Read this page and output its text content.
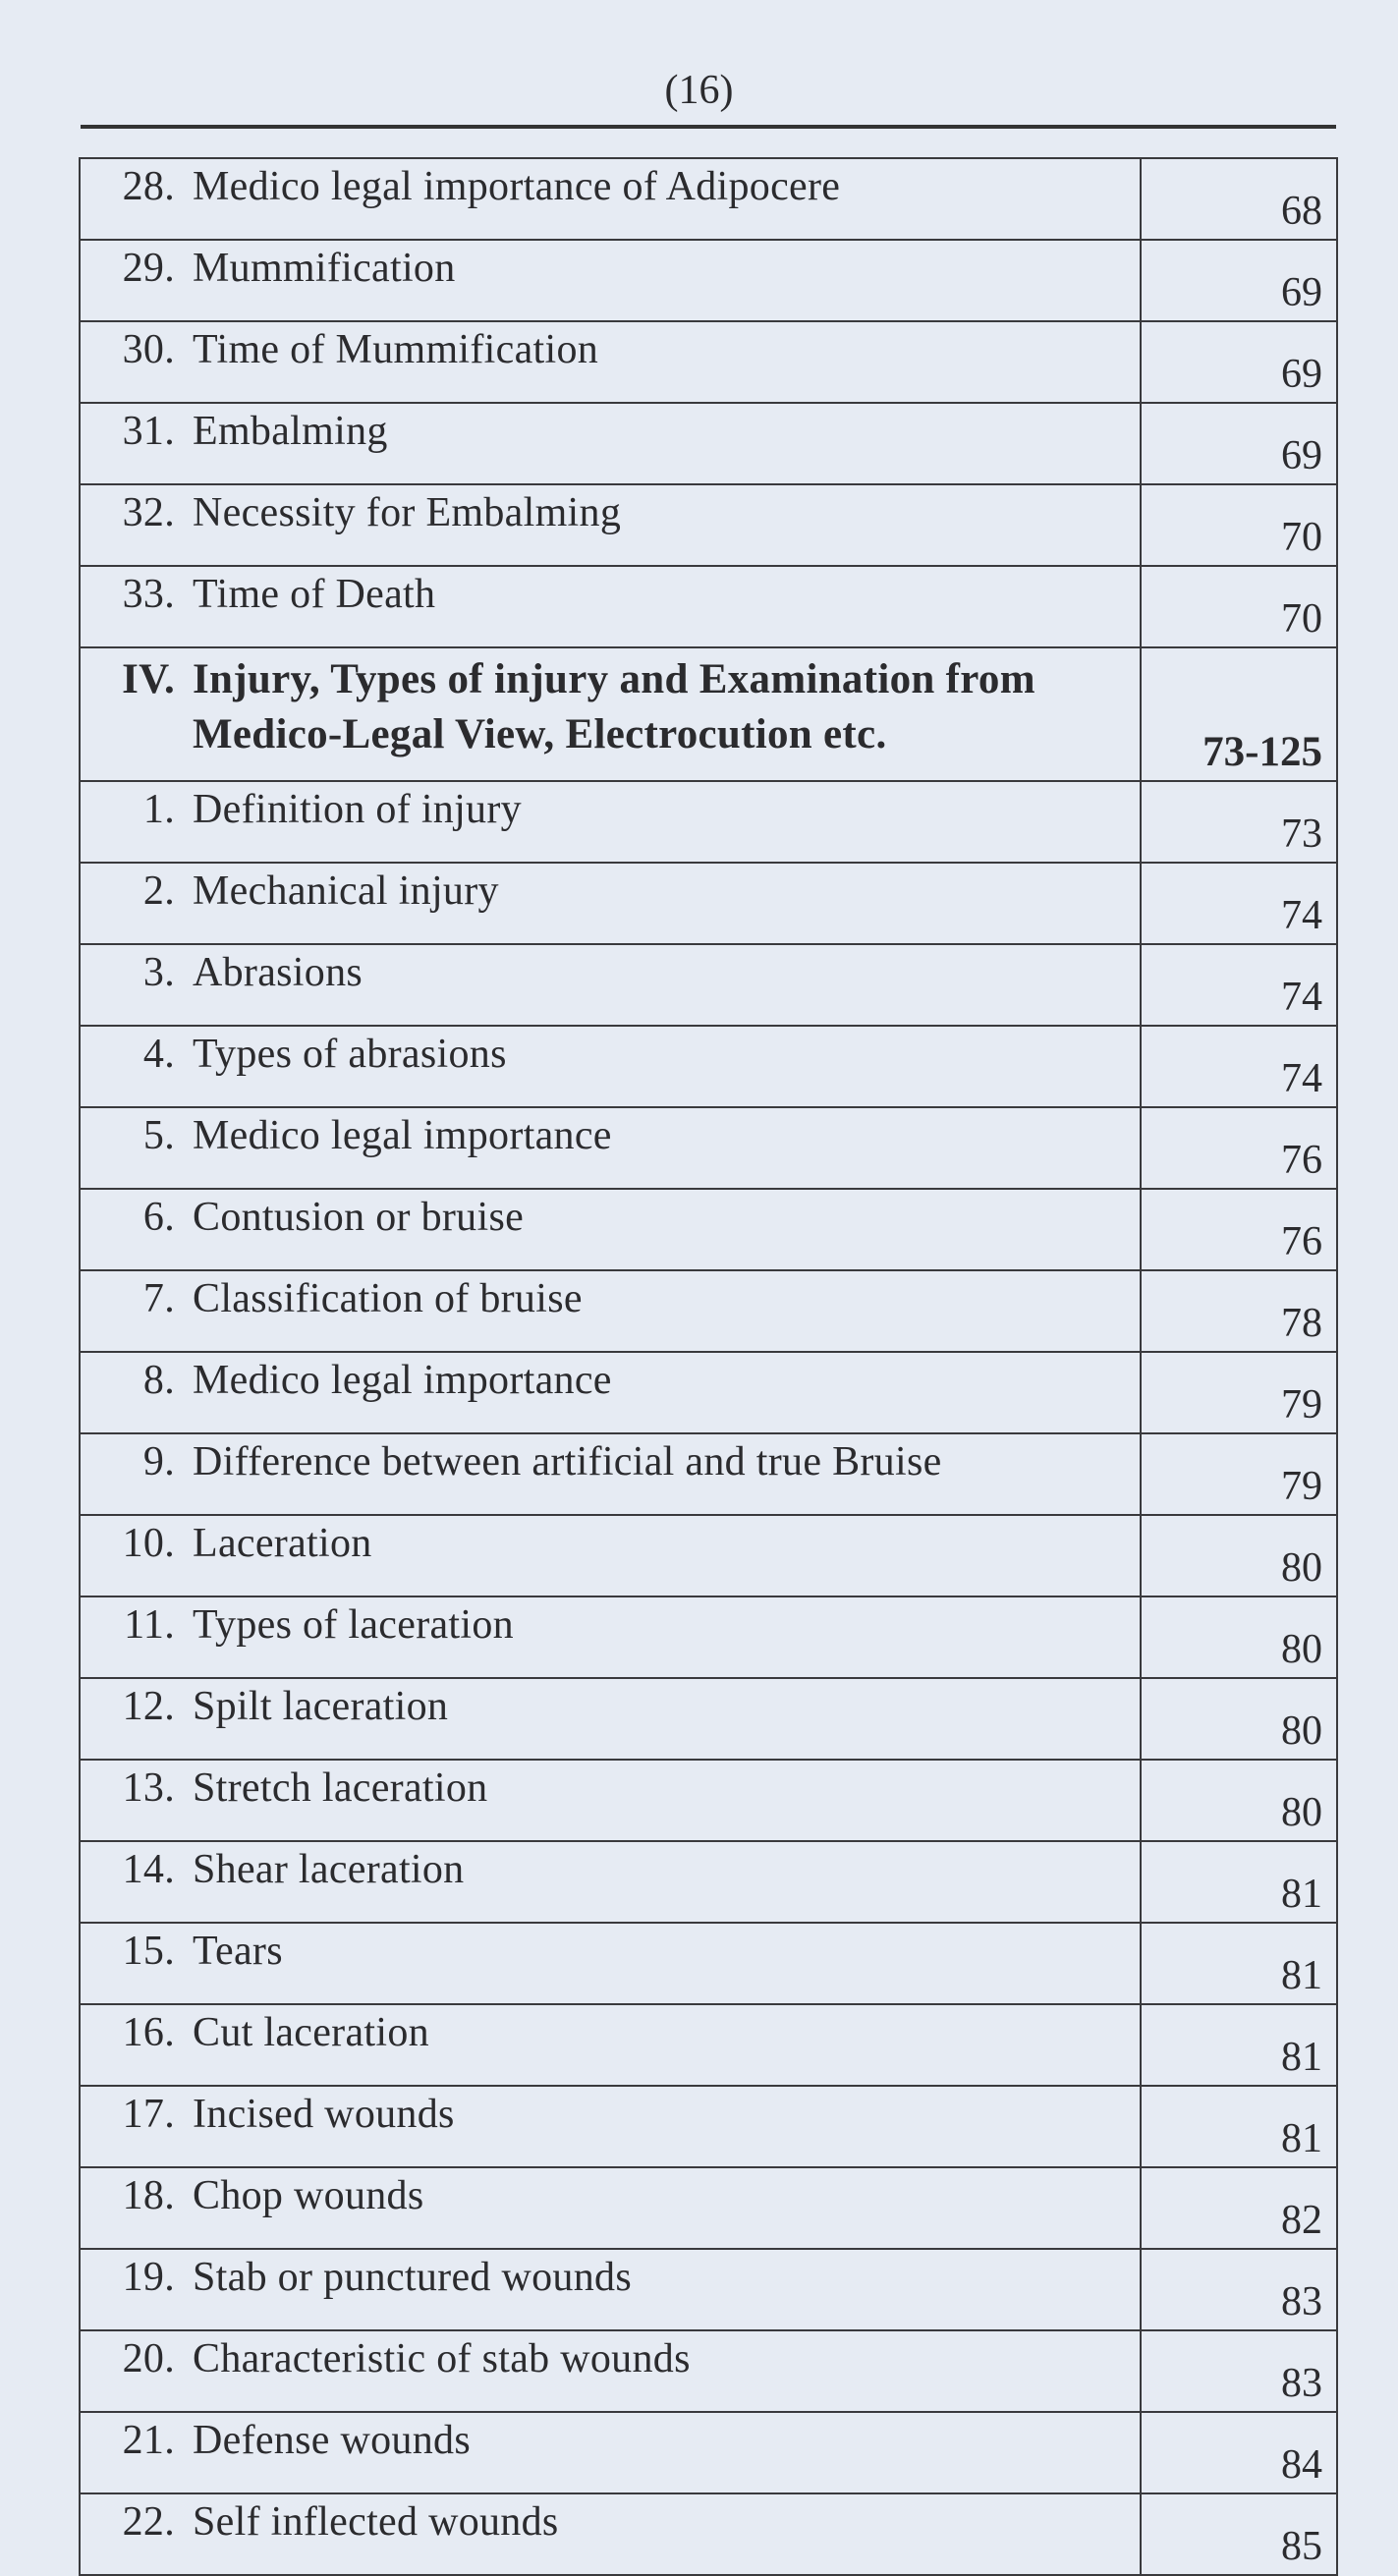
(16)
28. Medico legal importance of Adipocere	68
29. Mummification	69
30. Time of Mummification	69
31. Embalming	69
32. Necessity for Embalming	70
33. Time of Death	70
IV. Injury, Types of injury and Examination from Medico-Legal View, Electrocution etc.	73-125
1. Definition of injury	73
2. Mechanical injury	74
3. Abrasions	74
4. Types of abrasions	74
5. Medico legal importance	76
6. Contusion or bruise	76
7. Classification of bruise	78
8. Medico legal importance	79
9. Difference between artificial and true Bruise	79
10. Laceration	80
11. Types of laceration	80
12. Spilt laceration	80
13. Stretch laceration	80
14. Shear laceration	81
15. Tears	81
16. Cut laceration	81
17. Incised wounds	81
18. Chop wounds	82
19. Stab or punctured wounds	83
20. Characteristic of stab wounds	83
21. Defense wounds	84
22. Self inflected wounds	85
